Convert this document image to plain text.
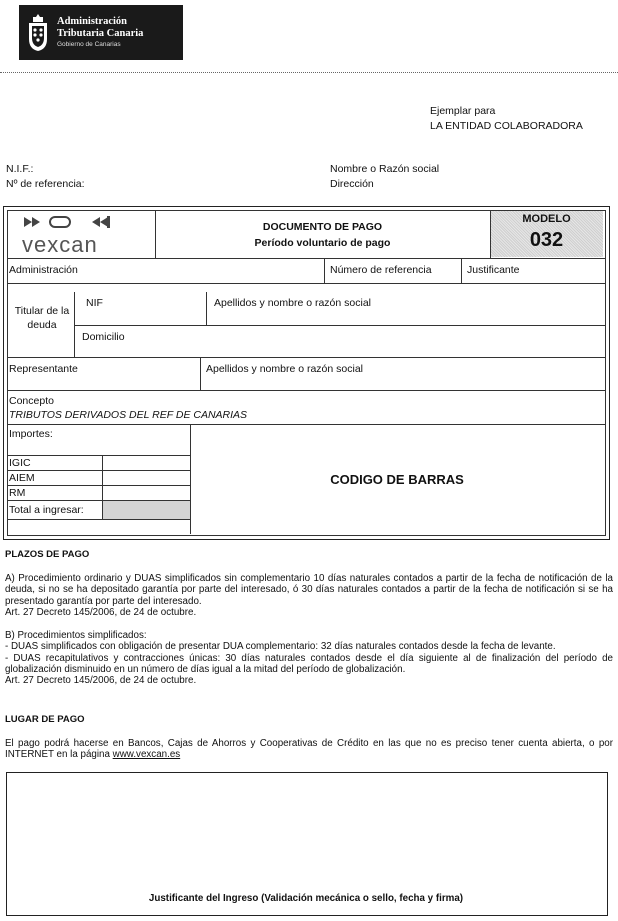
Administración
Tributaria Canaria
Gobierno de Canarias
Ejemplar para
LA ENTIDAD COLABORADORA
N.I.F.:
Nº de referencia:
Nombre o Razón social
Dirección
vexcan
DOCUMENTO DE PAGO
Período voluntario de pago
MODELO
032
Administración	Número de referencia	Justificante
Titular de la deuda
NIF	Apellidos y nombre o razón social
Domicilio
Representante	Apellidos y nombre o razón social
Concepto
TRIBUTOS DERIVADOS DEL REF DE CANARIAS
Importes:
IGIC
AIEM
RM
Total a ingresar:
CODIGO DE BARRAS
PLAZOS DE PAGO
A) Procedimiento ordinario y DUAS simplificados sin complementario 10 días naturales contados a partir de la fecha de notificación de la deuda, si no se ha depositado garantía por parte del interesado, ó 30 días naturales contados a partir de la fecha de notificación si se ha presentado garantía por parte del interesado.
Art. 27 Decreto 145/2006, de 24 de octubre.
B) Procedimientos simplificados:
- DUAS simplificados con obligación de presentar DUA complementario: 32 días naturales contados desde la fecha de levante.
- DUAS recapitulativos y contracciones únicas: 30 días naturales contados desde el día siguiente al de finalización del período de globalización disminuido en un número de días igual a la mitad del período de globalización.
Art. 27 Decreto 145/2006, de 24 de octubre.
LUGAR DE PAGO
El pago podrá hacerse en Bancos, Cajas de Ahorros y Cooperativas de Crédito en las que no es preciso tener cuenta abierta, o por INTERNET en la página www.vexcan.es
Justificante del Ingreso (Validación mecánica o sello, fecha y firma)
